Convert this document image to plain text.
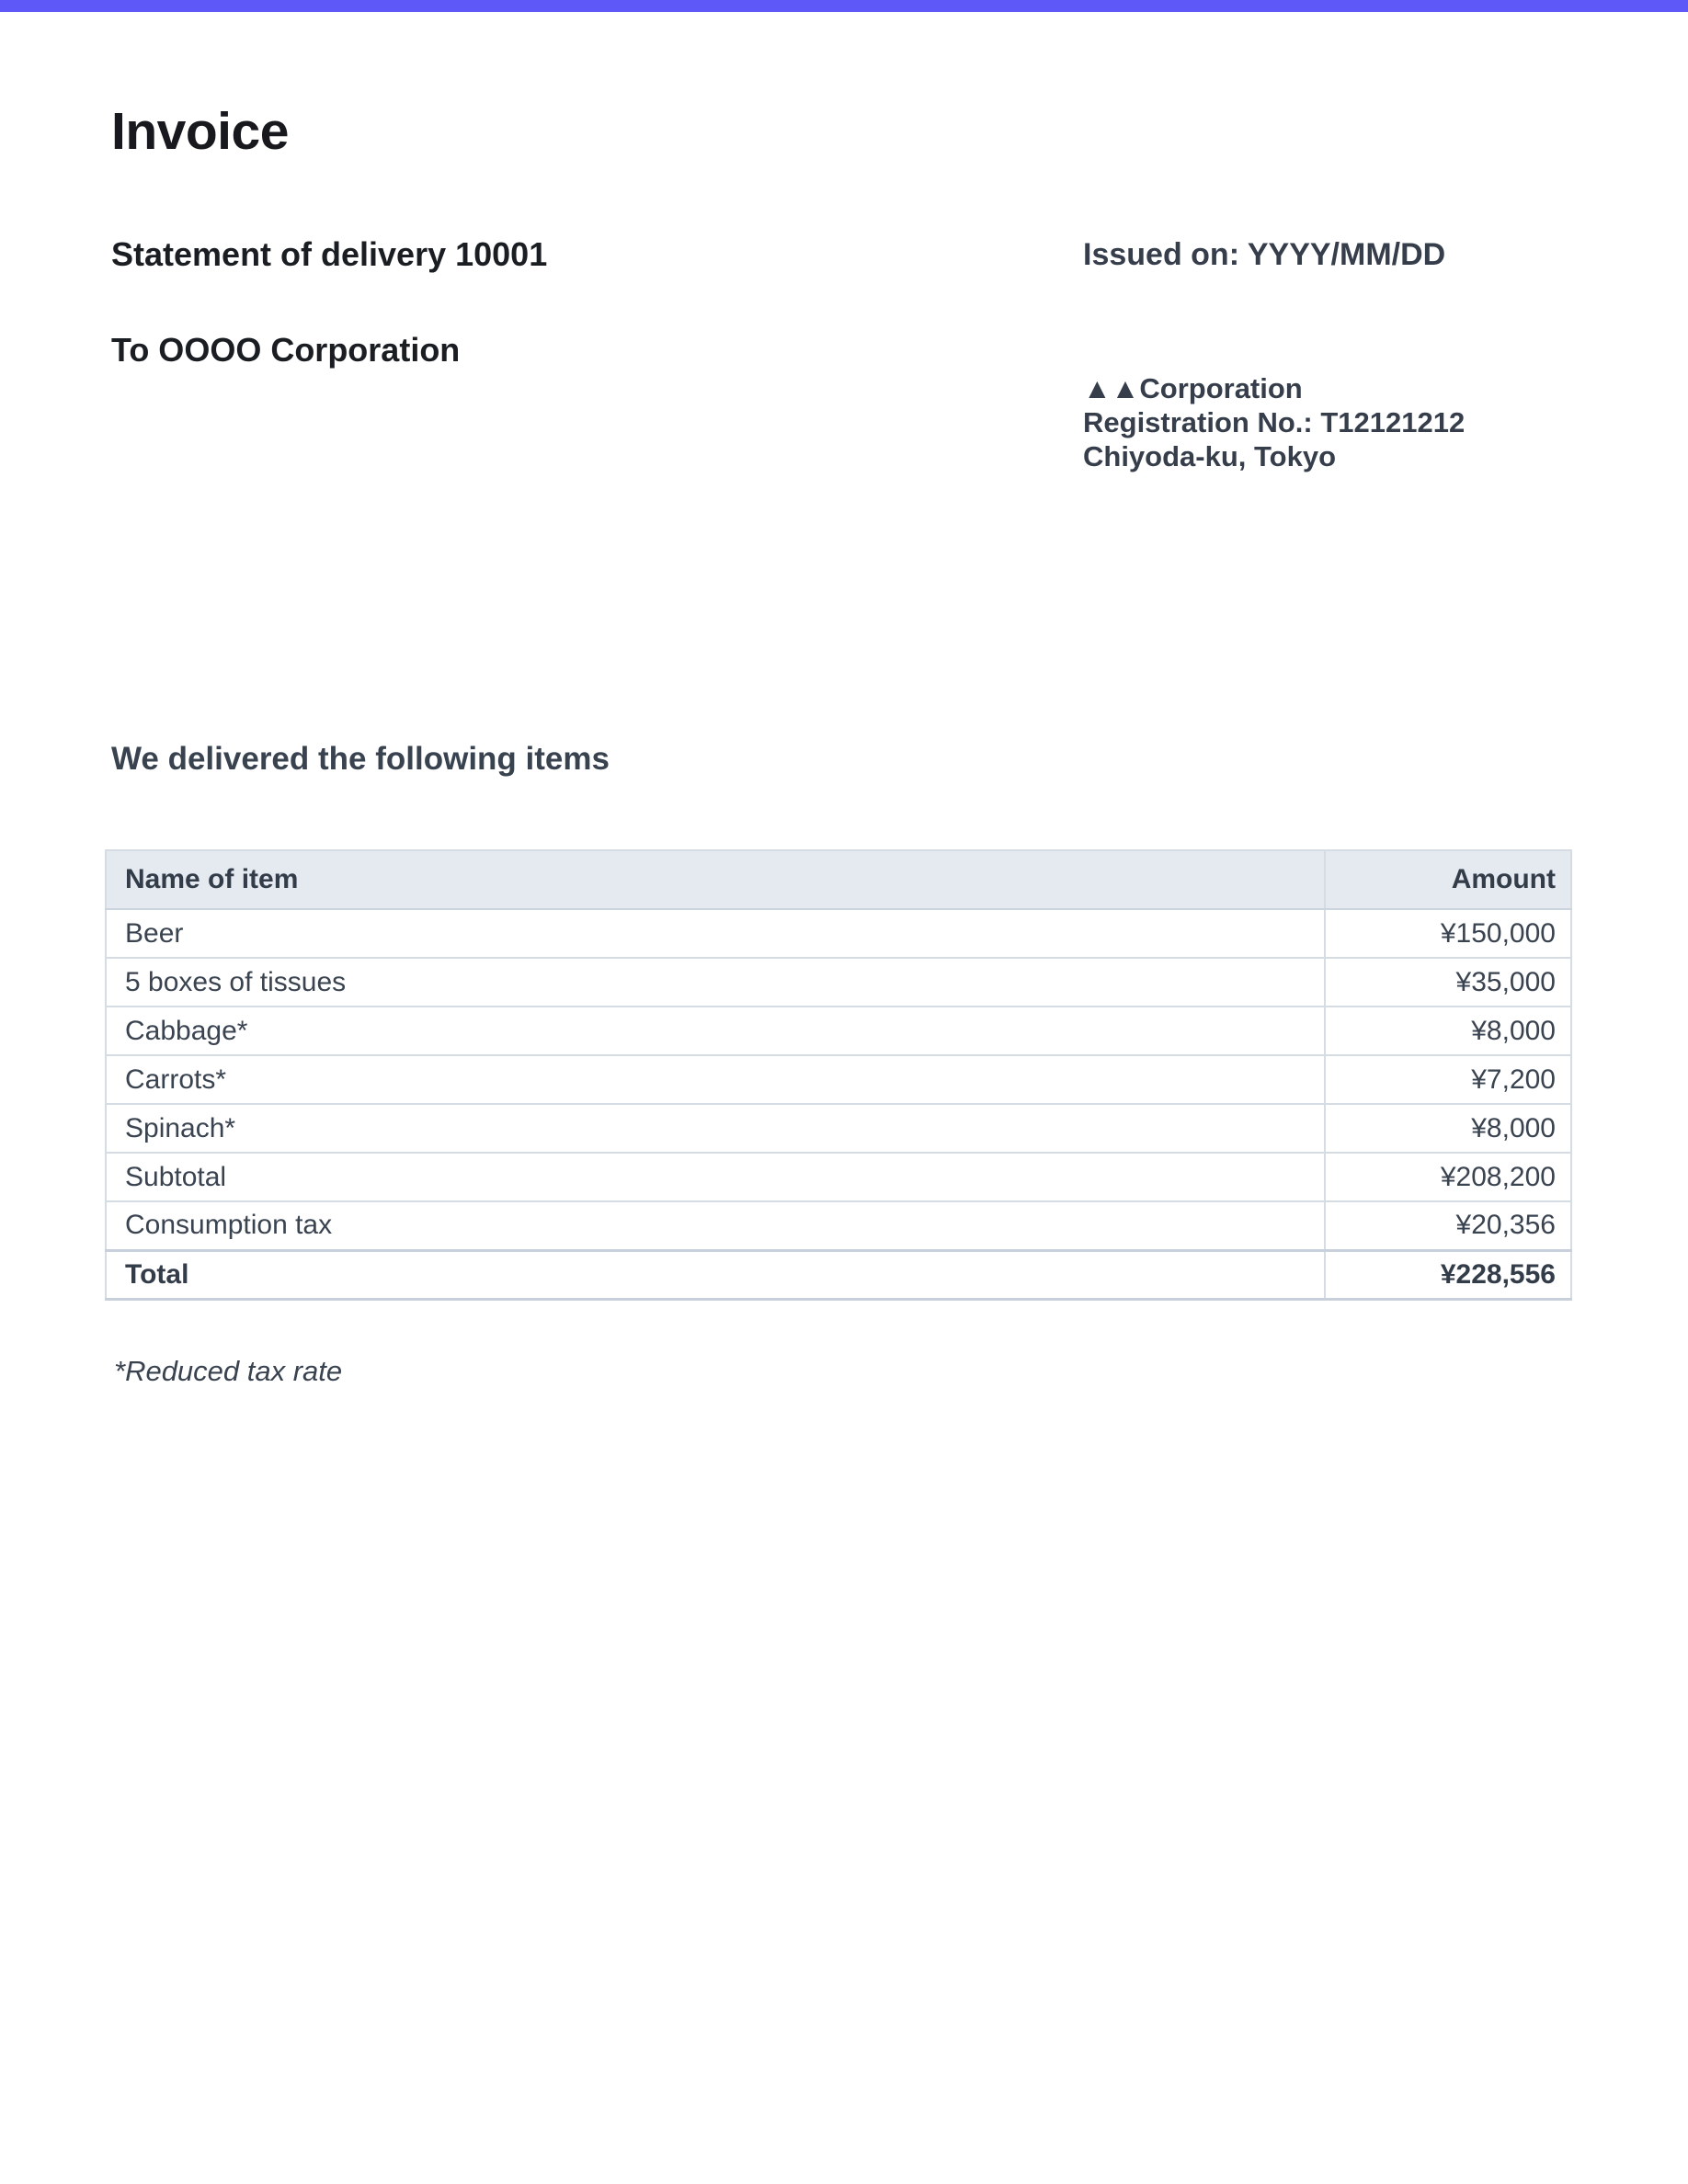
Invoice
Statement of delivery 10001	Issued on: YYYY/MM/DD
To OOOO Corporation
▲▲Corporation
Registration No.: T12121212
Chiyoda-ku, Tokyo
We delivered the following items
Name of item	Amount
Beer	¥150,000
5 boxes of tissues	¥35,000
Cabbage*	¥8,000
Carrots*	¥7,200
Spinach*	¥8,000
Subtotal	¥208,200
Consumption tax	¥20,356
Total	¥228,556
*Reduced tax rate
